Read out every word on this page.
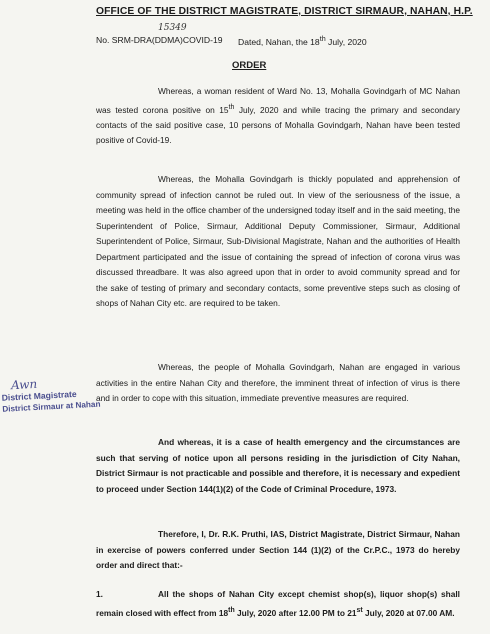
OFFICE OF THE DISTRICT MAGISTRATE, DISTRICT SIRMAUR, NAHAN, H.P.
15349
No. SRM-DRA(DDMA)COVID-19 Dated, Nahan, the 18th July, 2020
ORDER
Whereas, a woman resident of Ward No. 13, Mohalla Govindgarh of MC Nahan was tested corona positive on 15th July, 2020 and while tracing the primary and secondary contacts of the said positive case, 10 persons of Mohalla Govindgarh, Nahan have been tested positive of Covid-19.
Whereas, the Mohalla Govindgarh is thickly populated and apprehension of community spread of infection cannot be ruled out. In view of the seriousness of the issue, a meeting was held in the office chamber of the undersigned today itself and in the said meeting, the Superintendent of Police, Sirmaur, Additional Deputy Commissioner, Sirmaur, Additional Superintendent of Police, Sirmaur, Sub-Divisional Magistrate, Nahan and the authorities of Health Department participated and the issue of containing the spread of infection of corona virus was discussed threadbare. It was also agreed upon that in order to avoid community spread and for the sake of testing of primary and secondary contacts, some preventive steps such as closing of shops of Nahan City etc. are required to be taken.
Whereas, the people of Mohalla Govindgarh, Nahan are engaged in various activities in the entire Nahan City and therefore, the imminent threat of infection of virus is there and in order to cope with this situation, immediate preventive measures are required.
And whereas, it is a case of health emergency and the circumstances are such that serving of notice upon all persons residing in the jurisdiction of City Nahan, District Sirmaur is not practicable and possible and therefore, it is necessary and expedient to proceed under Section 144(1)(2) of the Code of Criminal Procedure, 1973.
Therefore, I, Dr. R.K. Pruthi, IAS, District Magistrate, District Sirmaur, Nahan in exercise of powers conferred under Section 144 (1)(2) of the Cr.P.C., 1973 do hereby order and direct that:-
1.	All the shops of Nahan City except chemist shop(s), liquor shop(s) shall remain closed with effect from 18th July, 2020 after 12.00 PM to 21st July, 2020 at 07.00 AM.
Awn
District Magistrate
District Sirmaur at Nahan
